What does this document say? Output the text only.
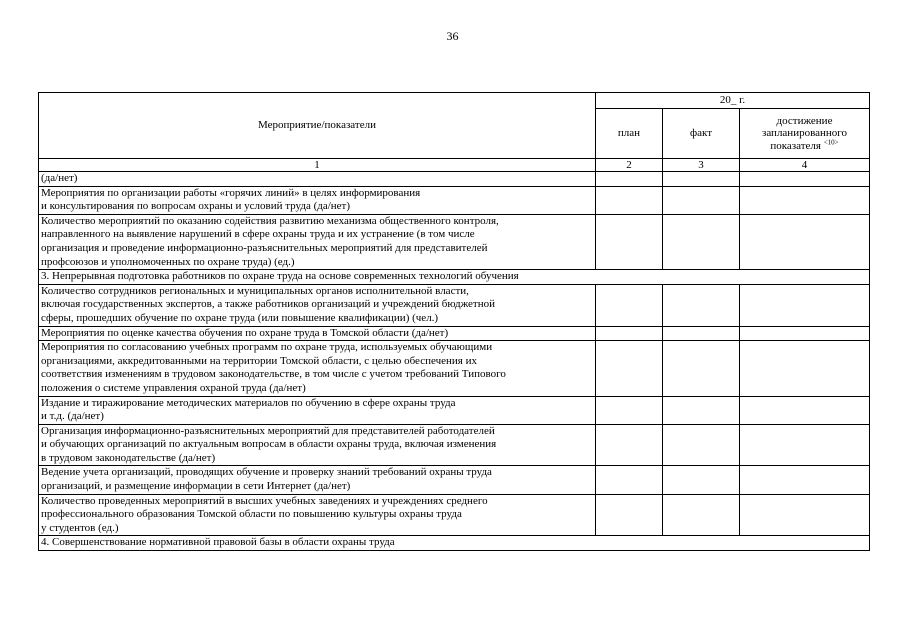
36
Мероприятие/показатели	20_ г.		
	план	факт	достижение
запланированного
показателя $^{<10>}$
1	2	3	4

(да/нет)			

Мероприятия по организации работы «горячих линий» в целях информирования
и консультирования по вопросам охраны и условий труда (да/нет)			

Количество мероприятий по оказанию содействия развитию механизма общественного контроля,
направленного на выявление нарушений в сфере охраны труда и их устранение (в том числе
организация и проведение информационно-разъяснительных мероприятий для представителей
профсоюзов и уполномоченных по охране труда) (ед.)			

3. Непрерывная подготовка работников по охране труда на основе современных технологий обучения			

Количество сотрудников региональных и муниципальных органов исполнительной власти,
включая государственных экспертов, а также работников организаций и учреждений бюджетной
сферы, прошедших обучение по охране труда (или повышение квалификации) (чел.)			

Мероприятия по оценке качества обучения по охране труда в Томской области (да/нет)			

Мероприятия по согласованию учебных программ по охране труда, используемых обучающими
организациями, аккредитованными на территории Томской области, с целью обеспечения их
соответствия изменениям в трудовом законодательстве, в том числе с учетом требований Типового
положения о системе управления охраной труда (да/нет)			

Издание и тиражирование методических материалов по обучению в сфере охраны труда
и т.д. (да/нет)			

Организация информационно-разъяснительных мероприятий для представителей работодателей
и обучающих организаций по актуальным вопросам в области охраны труда, включая изменения
в трудовом законодательстве (да/нет)			

Ведение учета организаций, проводящих обучение и проверку знаний требований охраны труда
организаций, и размещение информации в сети Интернет (да/нет)			

Количество проведенных мероприятий в высших учебных заведениях и учреждениях среднего
профессионального образования Томской области по повышению культуры охраны труда
у студентов (ед.)			

4. Совершенствование нормативной правовой базы в области охраны труда			
